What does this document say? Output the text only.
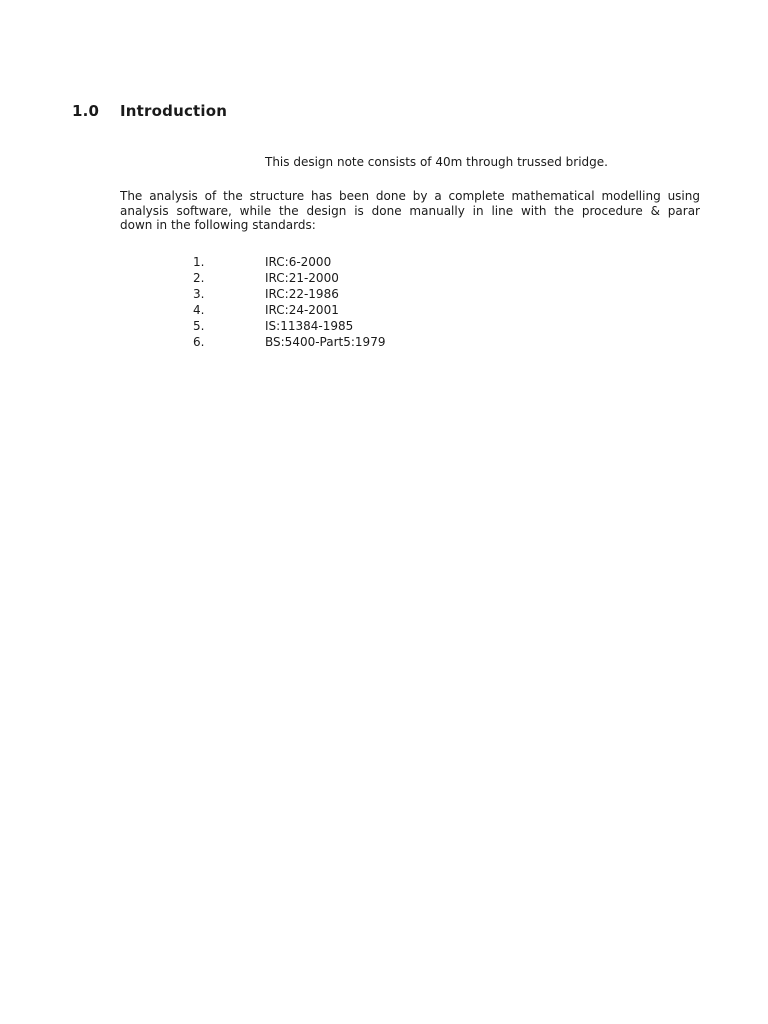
1.0 Introduction
This design note consists of 40m through trussed bridge.
The analysis of the structure has been done by a complete mathematical modelling using
analysis software, while the design is done manually in line with the procedure & parar
down in the following standards:
1.	IRC:6-2000
2.	IRC:21-2000
3.	IRC:22-1986
4.	IRC:24-2001
5.	IS:11384-1985
6.	BS:5400-Part5:1979
